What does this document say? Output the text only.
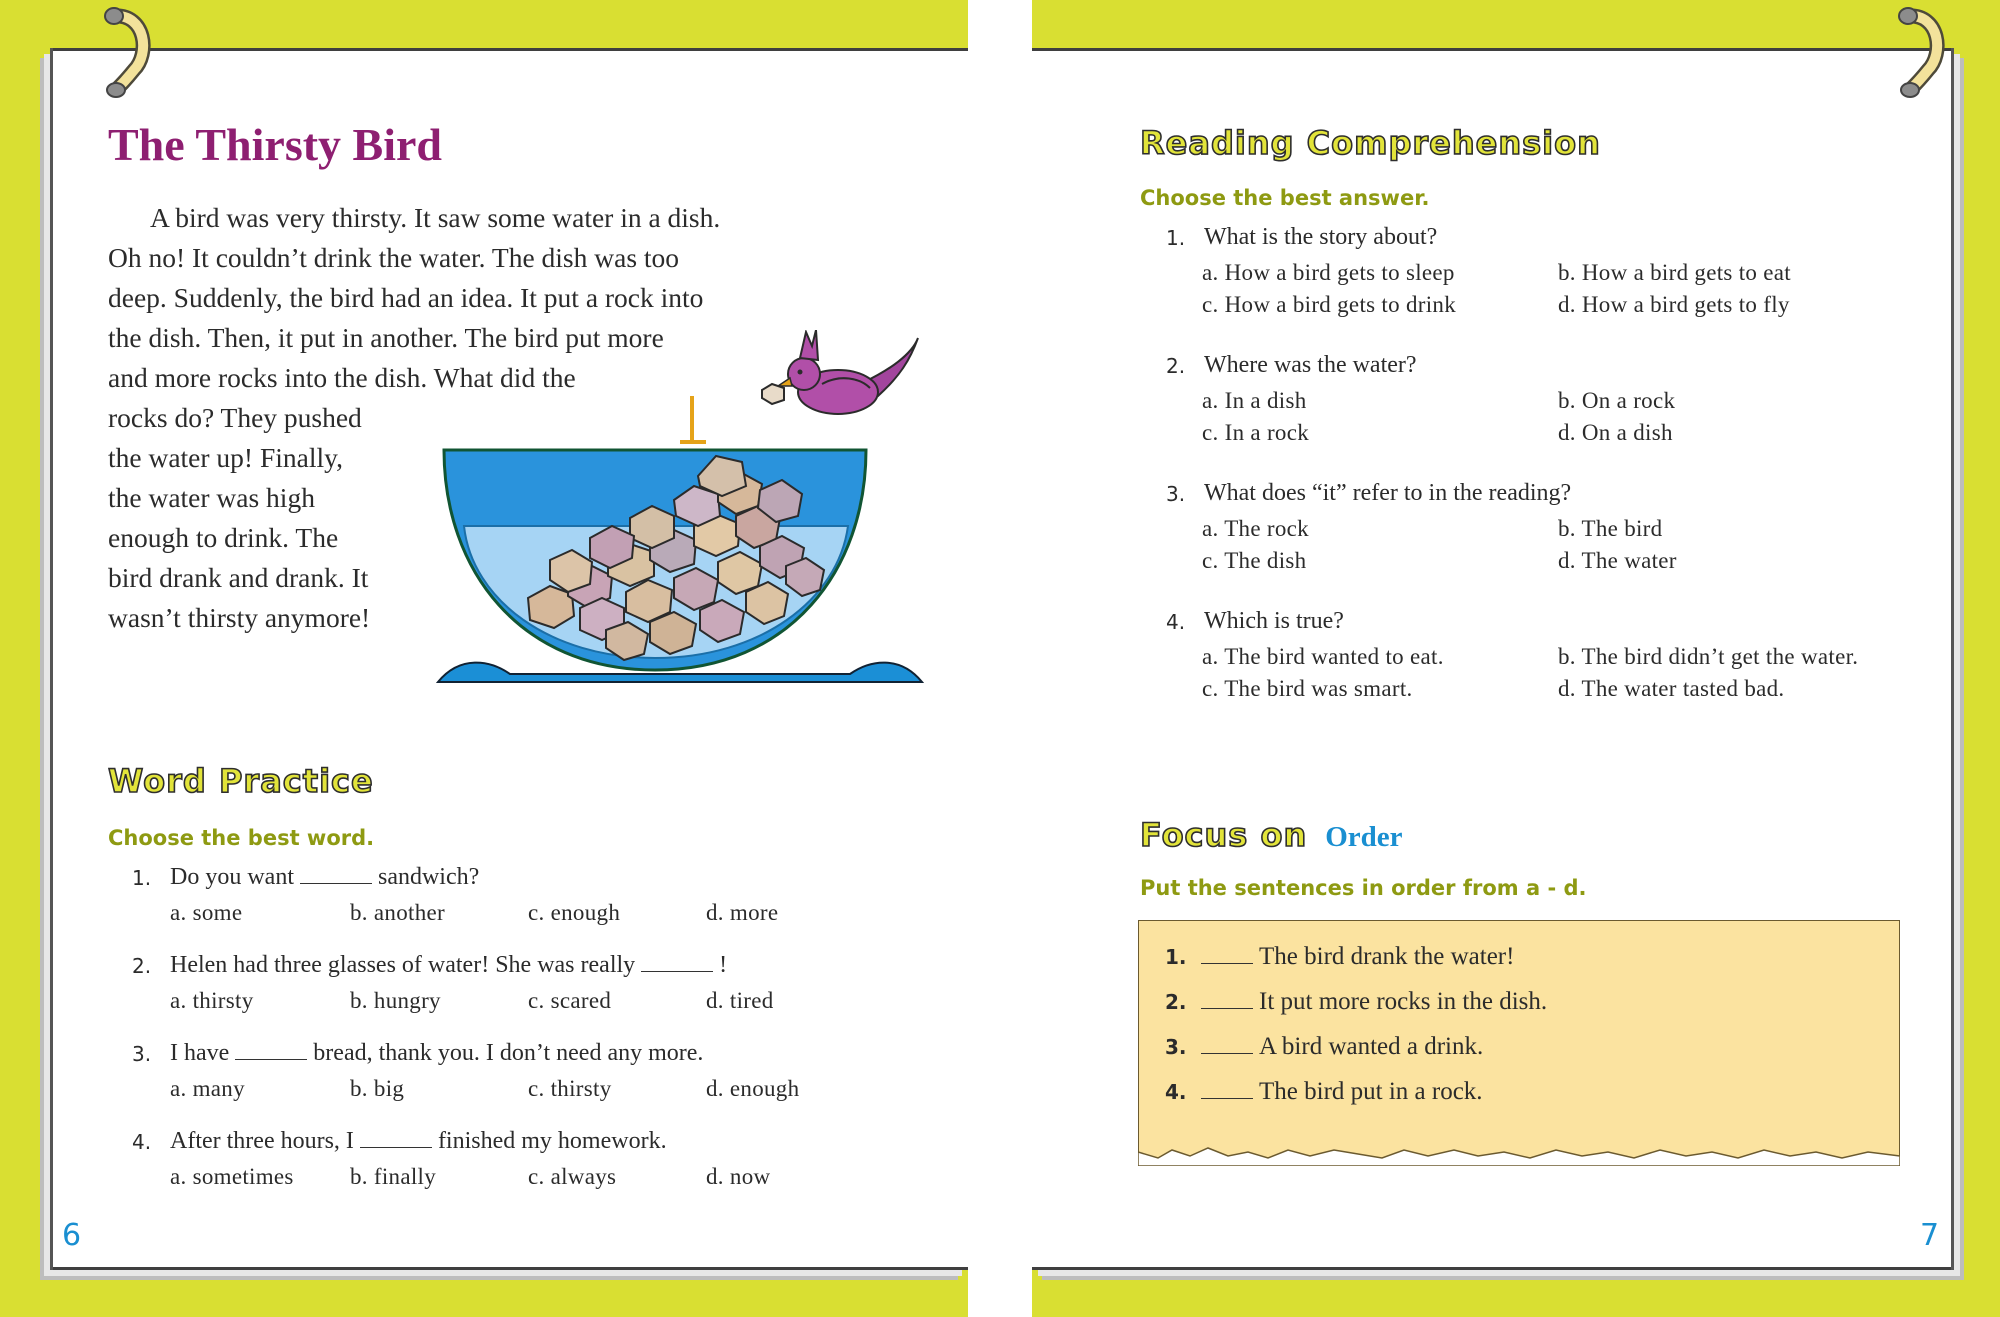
The Thirsty Bird

A bird was very thirsty. It saw some water in a dish.

Oh no! It couldn’t drink the water. The dish was too
deep. Suddenly, the bird had an idea. It put a rock into
the dish. Then, it put in another. The bird put more
and more rocks into the dish. What did the
rocks do? They pushed
the water up! Finally,
the water was high
enough to drink. The
bird drank and drank. It
wasn’t thirsty anymore!
Word Practice
Choose the best word.
1. Do you want	sandwich?
a. some	b. another	c. enough	d. more
2. Helen had three glasses of water! She was really	!
a. thirsty	b. hungry	c. scared	d. tired
3. I have	bread, thank you. I don’t need any more.
a. many	b. big	c. thirsty	d. enough
4. After three hours, I	finished my homework.
a. sometimes b. finally	c. always	d. now
6
Reading Comprehension
Choose the best answer.
1. What is the story about?
a. How a bird gets to sleep	b. How a bird gets to eat
c. How a bird gets to drink	d. How a bird gets to fly
2. Where was the water?
a. In a dish	b. On a rock
c. In a rock	d. On a dish
3. What does “it” refer to in the reading?
a. The rock	b. The bird
c. The dish	d. The water
4. Which is true?
a. The bird wanted to eat.	b. The bird didn’t get the water.
c. The bird was smart.	d. The water tasted bad.
Focus on Order
Put the sentences in order from a - d.
1.	The bird drank the water!
2.	It put more rocks in the dish.
3.	A bird wanted a drink.
4.	The bird put in a rock.
7
